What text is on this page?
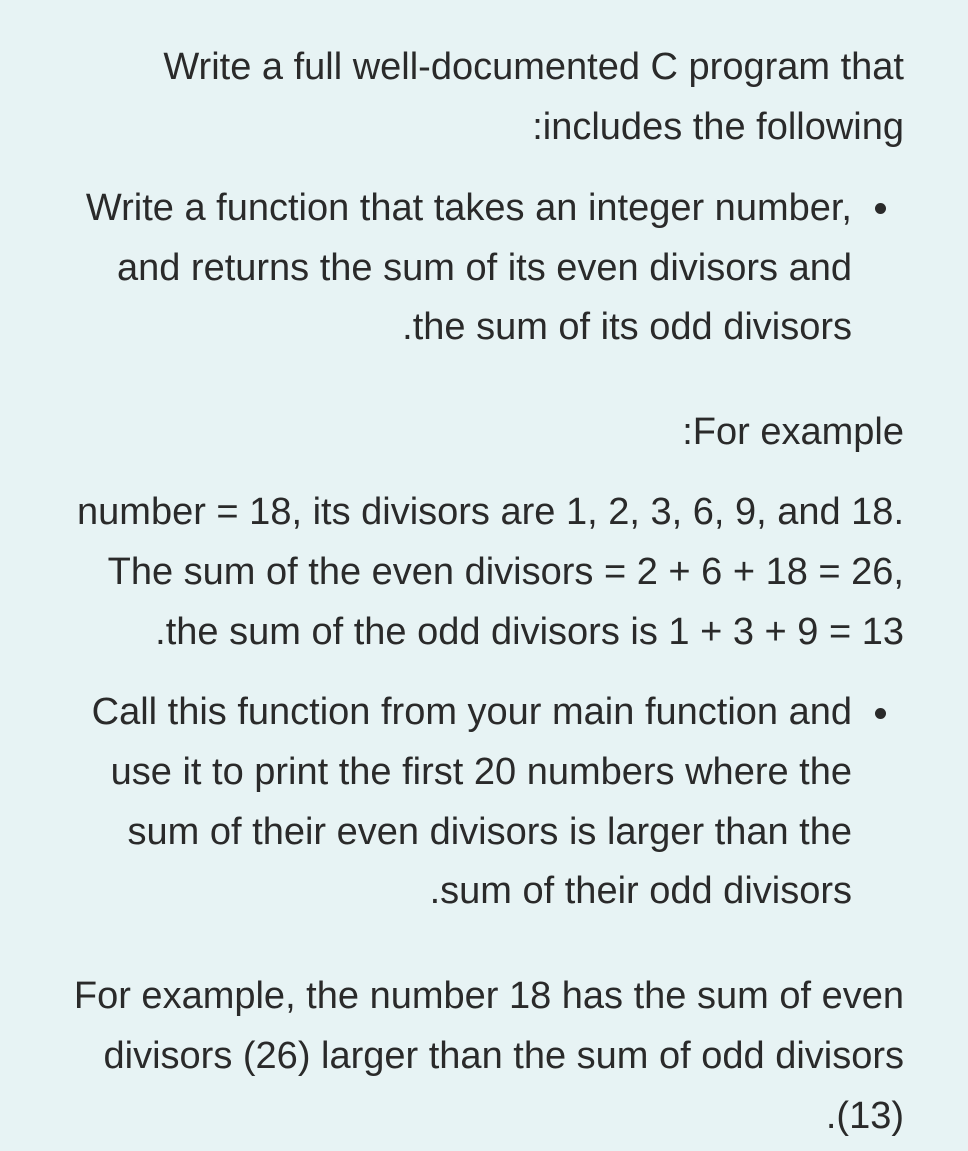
Write a full well-documented C program that
:includes the following
Write a function that takes an integer number,
and returns the sum of its even divisors and
.the sum of its odd divisors
:For example
number = 18, its divisors are 1, 2, 3, 6, 9, and 18.
The sum of the even divisors = 2 + 6 + 18 = 26,
.the sum of the odd divisors is 1 + 3 + 9 = 13
Call this function from your main function and
use it to print the first 20 numbers where the
sum of their even divisors is larger than the
.sum of their odd divisors
For example, the number 18 has the sum of even
divisors (26) larger than the sum of odd divisors
.(13)
